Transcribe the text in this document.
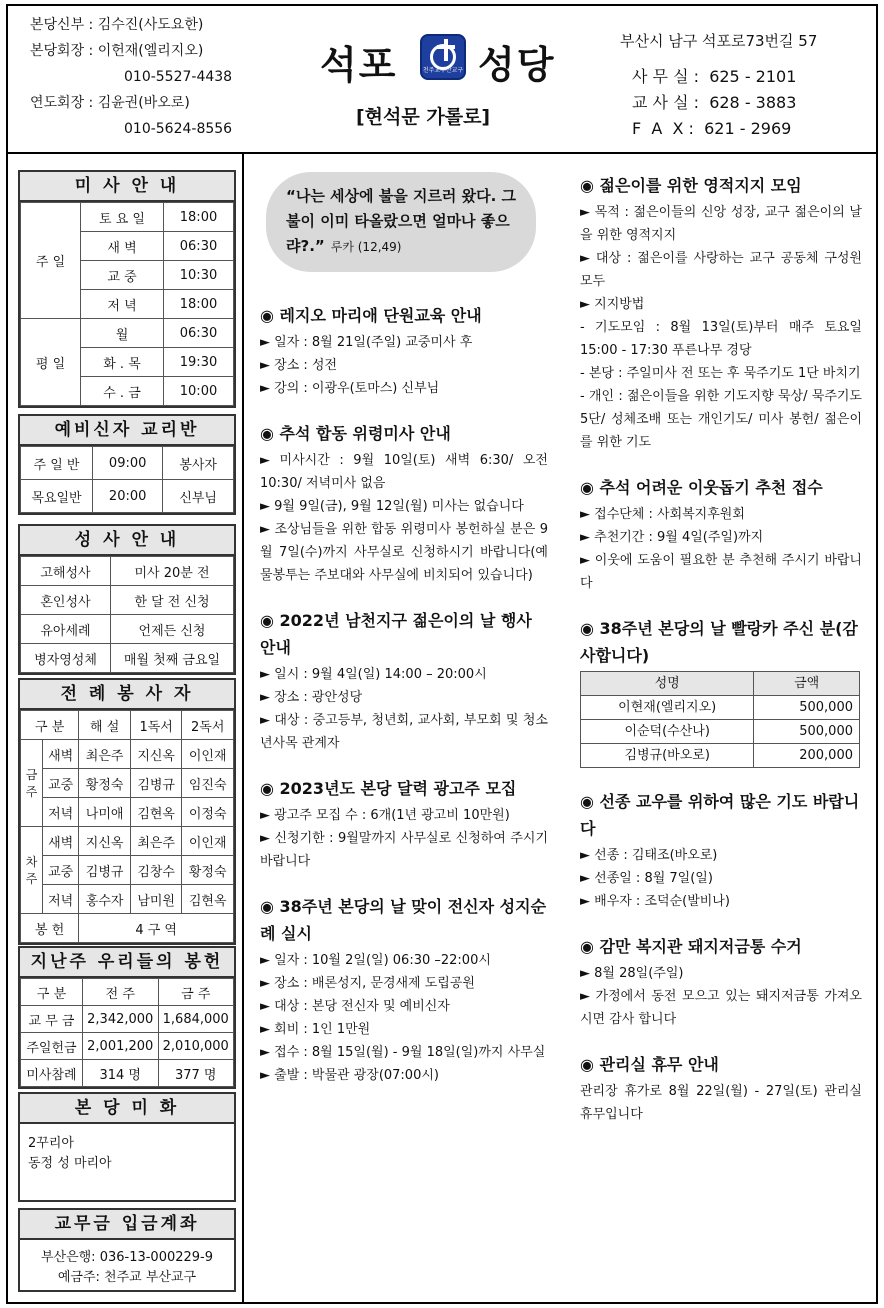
본당신부 : 김수진(사도요한)
본당회장 : 이헌재(엘리지오)
010-5527-4438
연도회장 : 김윤권(바오로)
010-5624-8556
석포	천주교부산교구 성당
[현석문 가롤로]
부산시 남구 석포로73번길 57
사 무 실 :  625 - 2101
교 사 실 :  628 - 3883
F  A  X :  621 - 2969
미 사 안 내
주 일	토 요 일	18:00
	새 벽	06:30
	교 중	10:30
	저 녁	18:00
평 일	월	06:30
	화 . 목	19:30
	수 . 금	10:00
예비신자 교리반
주 일 반	09:00	봉사자
목요일반	20:00	신부님
성 사 안 내
고해성사	미사 20분 전
혼인성사	한 달 전 신청
유아세례	언제든 신청
병자영성체	매월 첫째 금요일
전 례 봉 사 자
구 분		해 설	1독서	2독서
금주	새벽	최은주	지신옥	이인재
	교중	황정숙	김병규	임진숙
	저녁	나미애	김현옥	이정숙
차주	새벽	지신옥	최은주	이인재
	교중	김병규	김창수	황정숙
	저녁	홍수자	남미원	김현옥
봉 헌		4 구 역		
지난주 우리들의 봉헌
구 분	전 주	금 주
교 무 금	2,342,000	1,684,000
주일헌금	2,001,200	2,010,000
미사참례	314 명	377 명
본 당 미 화
2꾸리아
동정 성 마리아
교무금 입금계좌
부산은행: 036-13-000229-9
예금주: 천주교 부산교구
“나는 세상에 불을 지르러 왔다. 그 불이 이미 타올랐으면 얼마나 좋으랴?.” 루카 (12,49)
◉ 레지오 마리애 단원교육 안내
► 일자 : 8월 21일(주일) 교중미사 후
► 장소 : 성전
► 강의 : 이광우(토마스) 신부님
◉ 추석 합동 위령미사 안내
► 미사시간 : 9월 10일(토) 새벽 6:30/ 오전 10:30/ 저녁미사 없음
► 9월 9일(금), 9월 12일(월) 미사는 없습니다
► 조상님들을 위한 합동 위령미사 봉헌하실 분은 9월 7일(수)까지 사무실로 신청하시기 바랍니다(예물봉투는 주보대와 사무실에 비치되어 있습니다)
◉ 2022년 남천지구 젊은이의 날 행사 안내
► 일시 : 9월 4일(일) 14:00 – 20:00시
► 장소 : 광안성당
► 대상 : 중고등부, 청년회, 교사회, 부모회 및 청소년사목 관계자
◉ 2023년도 본당 달력 광고주 모집
► 광고주 모집 수 : 6개(1년 광고비 10만원)
► 신청기한 : 9월말까지 사무실로 신청하여 주시기 바랍니다
◉ 38주년 본당의 날 맞이 전신자 성지순례 실시
► 일자 : 10월 2일(일) 06:30 –22:00시
► 장소 : 배론성지, 문경새제 도립공원
► 대상 : 본당 전신자 및 예비신자
► 회비 : 1인 1만원
► 접수 : 8월 15일(월) - 9월 18일(일)까지 사무실
► 출발 : 박물관 광장(07:00시)
◉ 젊은이를 위한 영적지지 모임
► 목적 : 젊은이들의 신앙 성장, 교구 젊은이의 날을 위한 영적지지
► 대상 : 젊은이를 사랑하는 교구 공동체 구성원 모두
► 지지방법
- 기도모임 : 8월 13일(토)부터 매주 토요일 15:00 - 17:30 푸른나무 경당
- 본당 : 주일미사 전 또는 후 묵주기도 1단 바치기
- 개인 : 젊은이들을 위한 기도지향 묵상/ 묵주기도 5단/ 성체조배 또는 개인기도/ 미사 봉헌/ 젊은이를 위한 기도
◉ 추석 어려운 이웃돕기 추천 접수
► 접수단체 : 사회복지후원회
► 추천기간 : 9월 4일(주일)까지
► 이웃에 도움이 필요한 분 추천해 주시기 바랍니다
◉ 38주년 본당의 날 빨랑카 주신 분(감사합니다)
성명	금액
이현재(엘리지오)	500,000
이순덕(수산나)	500,000
김병규(바오로)	200,000
◉ 선종 교우를 위하여 많은 기도 바랍니다
► 선종 : 김태조(바오로)
► 선종일 : 8월 7일(일)
► 배우자 : 조덕순(발비나)
◉ 감만 복지관 돼지저금통 수거
► 8월 28일(주일)
► 가정에서 동전 모으고 있는 돼지저금통 가져오시면 감사 합니다
◉ 관리실 휴무 안내
관리장 휴가로 8월 22일(월) - 27일(토) 관리실 휴무입니다
